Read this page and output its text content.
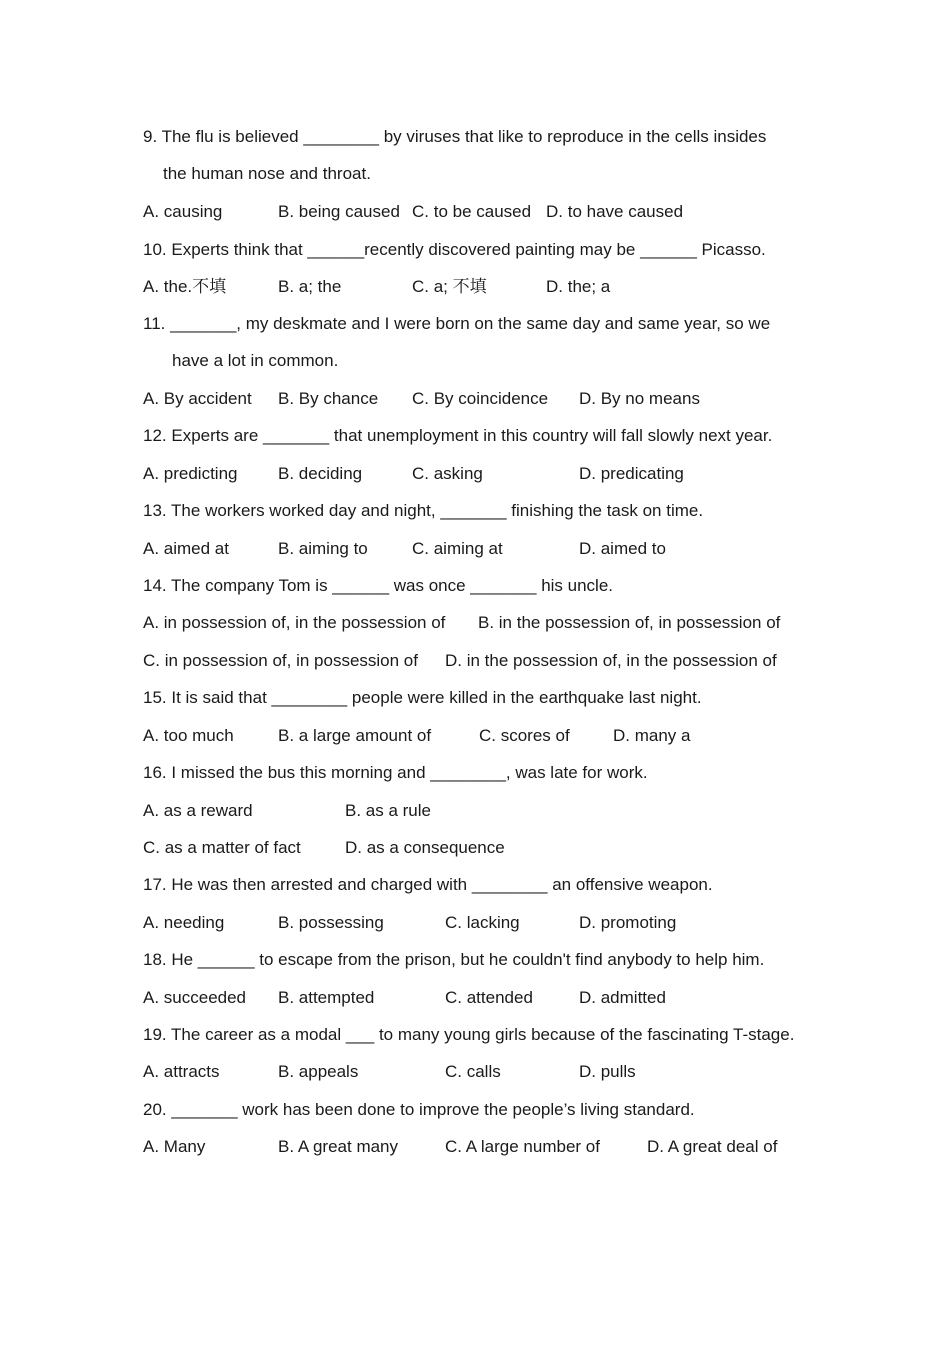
9. The flu is believed ________ by viruses that like to reproduce in the cells insides

the human nose and throat.

A. causing	B. being caused C. to be caused D. to have caused

10. Experts think that ______recently discovered painting may be ______ Picasso.

A. the.不填	B. a; the	C. a; 不填	D. the; a

11. _______, my deskmate and I were born on the same day and same year, so we

have a lot in common.

A. By accident B. By chance C. By coincidence D. By no means

12. Experts are _______ that unemployment in this country will fall slowly next year.

A. predicting B. deciding	C. asking	D. predicating

13. The workers worked day and night, _______ finishing the task on time.

A. aimed at	B. aiming to	C. aiming at	D. aimed to

14. The company Tom is ______ was once _______ his uncle.

A. in possession of, in the possession of B. in the possession of, in possession of
C. in possession of, in possession of D. in the possession of, in the possession of

15. It is said that ________ people were killed in the earthquake last night.

A. too much	B. a large amount of	C. scores of	D. many a

16. I missed the bus this morning and ________, was late for work.

A. as a reward	B. as a rule
C. as a matter of fact	D. as a consequence

17. He was then arrested and charged with ________ an offensive weapon.

A. needing	B. possessing	C. lacking	D. promoting

18. He ______ to escape from the prison, but he couldn't find anybody to help him.

A. succeeded B. attempted	C. attended	D. admitted

19. The career as a modal ___ to many young girls because of the fascinating T-stage.

A. attracts	B. appeals	C. calls	D. pulls

20. _______ work has been done to improve the people’s living standard.

A. Many	B. A great many	C. A large number of	D. A great deal of
